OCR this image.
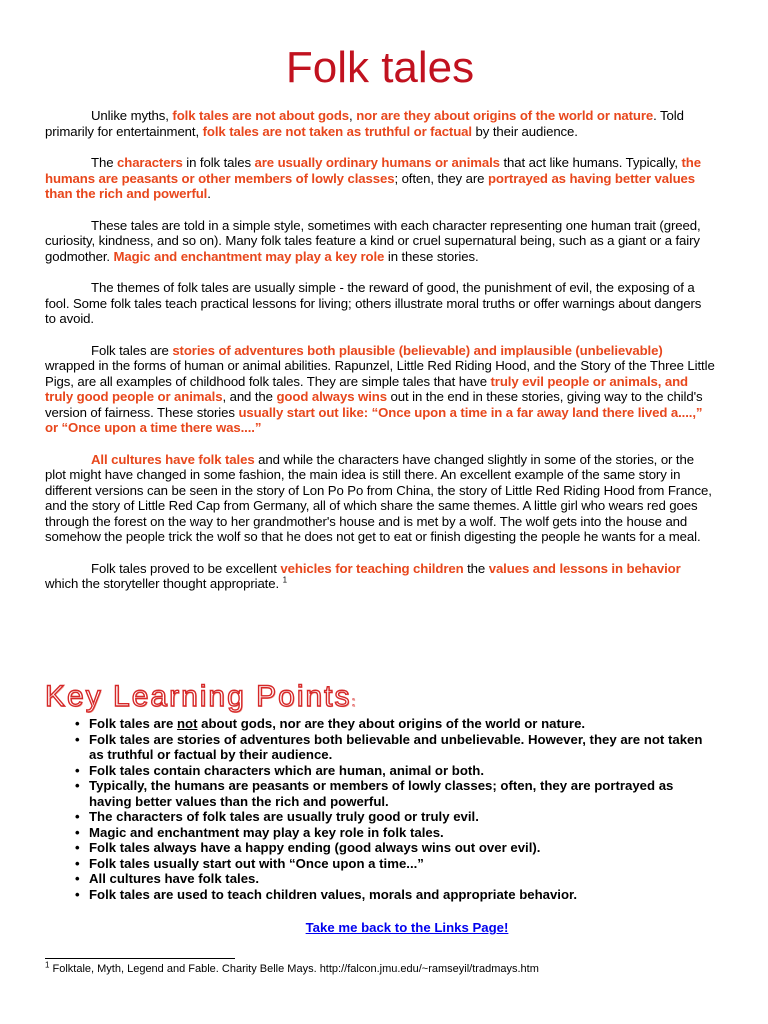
Folk tales

Unlike myths, folk tales are not about gods, nor are they about origins of the world or nature. Told primarily for entertainment, folk tales are not taken as truthful or factual by their audience.

The characters in folk tales are usually ordinary humans or animals that act like humans. Typically, the humans are peasants or other members of lowly classes; often, they are portrayed as having better values than the rich and powerful.

These tales are told in a simple style, sometimes with each character representing one human trait (greed, curiosity, kindness, and so on). Many folk tales feature a kind or cruel supernatural being, such as a giant or a fairy godmother. Magic and enchantment may play a key role in these stories.

The themes of folk tales are usually simple - the reward of good, the punishment of evil, the exposing of a fool. Some folk tales teach practical lessons for living; others illustrate moral truths or offer warnings about dangers to avoid.

Folk tales are stories of adventures both plausible (believable) and implausible (unbelievable) wrapped in the forms of human or animal abilities. Rapunzel, Little Red Riding Hood, and the Story of the Three Little Pigs, are all examples of childhood folk tales. They are simple tales that have truly evil people or animals, and truly good people or animals, and the good always wins out in the end in these stories, giving way to the child's version of fairness. These stories usually start out like: “Once upon a time in a far away land there lived a....,” or “Once upon a time there was....”

All cultures have folk tales and while the characters have changed slightly in some of the stories, or the plot might have changed in some fashion, the main idea is still there. An excellent example of the same story in different versions can be seen in the story of Lon Po Po from China, the story of Little Red Riding Hood from France, and the story of Little Red Cap from Germany, all of which share the same themes. A little girl who wears red goes through the forest on the way to her grandmother's house and is met by a wolf. The wolf gets into the house and somehow the people trick the wolf so that he does not get to eat or finish digesting the people he wants for a meal.

Folk tales proved to be excellent vehicles for teaching children the values and lessons in behavior which the storyteller thought appropriate. $^1$

Key Learning Points:
• Folk tales are not about gods, nor are they about origins of the world or nature.
• Folk tales are stories of adventures both believable and unbelievable. However, they are not taken as truthful or factual by their audience.
• Folk tales contain characters which are human, animal or both.
• Typically, the humans are peasants or members of lowly classes; often, they are portrayed as having better values than the rich and powerful.
• The characters of folk tales are usually truly good or truly evil.
• Magic and enchantment may play a key role in folk tales.
• Folk tales always have a happy ending (good always wins out over evil).
• Folk tales usually start out with “Once upon a time...”
• All cultures have folk tales.
• Folk tales are used to teach children values, morals and appropriate behavior.
Take me back to the Links Page!
$^1$ Folktale, Myth, Legend and Fable. Charity Belle Mays. http://falcon.jmu.edu/~ramseyil/tradmays.htm
